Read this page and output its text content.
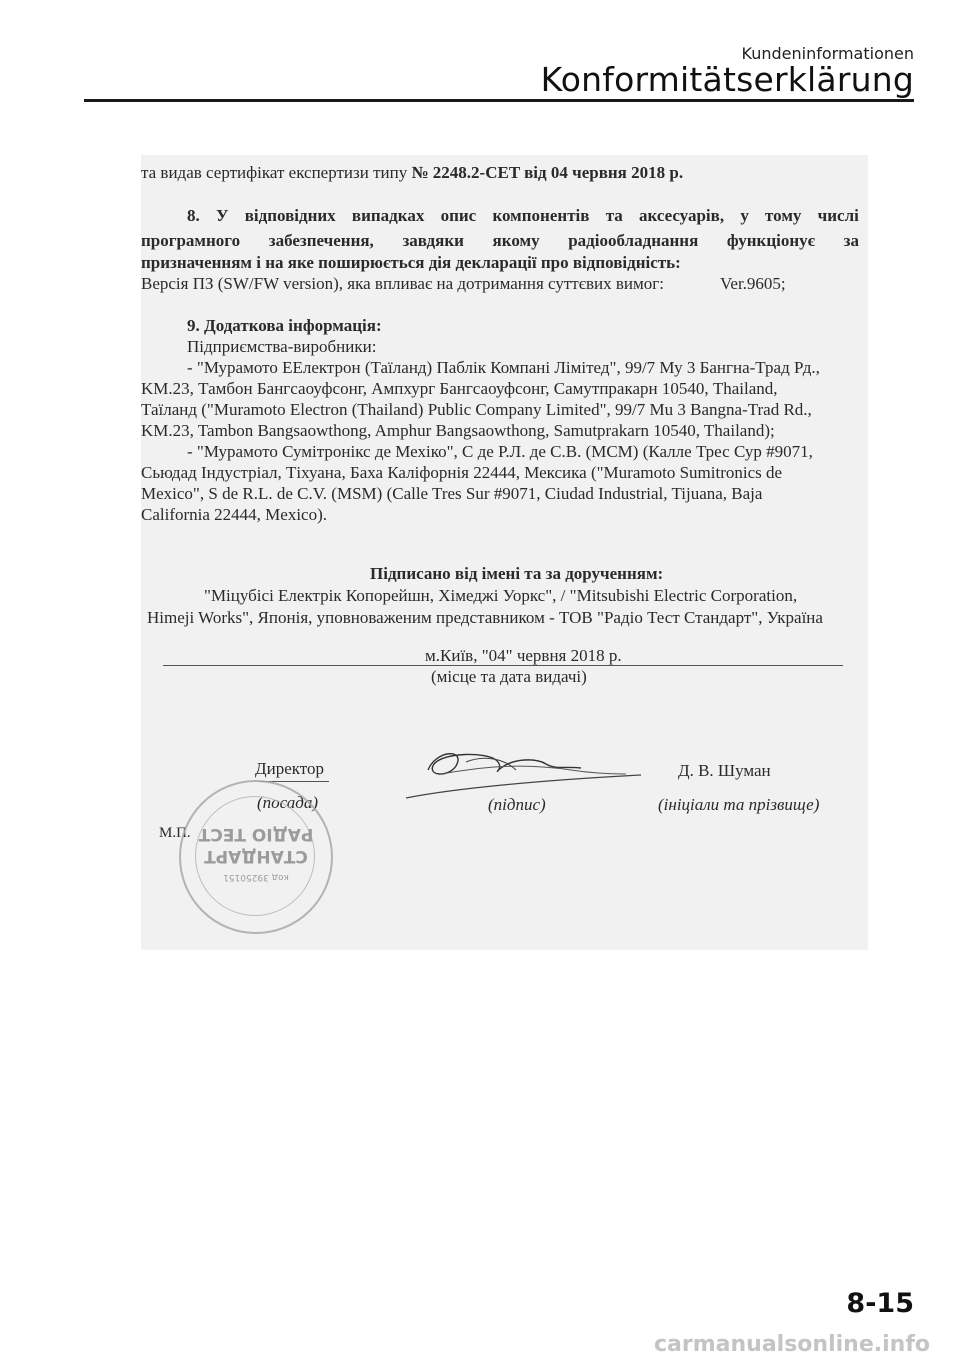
Kundeninformationen
Konformitätserklärung
та видав сертифікат експертизи типу № 2248.2-CET від 04 червня 2018 р.
8. У відповідних випадках опис компонентів та аксесуарів, у тому числі
програмного забезпечення, завдяки якому радіообладнання функціонує за
призначенням і на яке поширюється дія декларації про відповідність:
Версія ПЗ (SW/FW version), яка впливає на дотримання суттєвих вимог:	Ver.9605;
9. Додаткова інформація:
Підприємства-виробники:
- "Мурамото ЕЕлектрон (Таїланд) Паблік Компані Лімітед", 99/7 Му 3 Бангна-Трад Рд.,
KM.23, Тамбон Бангсаоуфсонг, Ампхург Бангсаоуфсонг, Самутпракарн 10540, Thailand,
Таїланд ("Muramoto Electron (Thailand) Public Company Limited", 99/7 Mu 3 Bangna-Trad Rd.,
KM.23, Tambon Bangsaowthong, Amphur Bangsaowthong, Samutprakarn 10540, Thailand);
- "Мурамото Сумітронікс де Мехіко", С де Р.Л. де С.В. (MCM) (Калле Трес Сур #9071,
Сьюдад Індустріал, Тіхуана, Баха Каліфорнія 22444, Мексика ("Muramoto Sumitronics de
Mexico", S de R.L. de C.V. (MSM) (Calle Tres Sur #9071, Ciudad Industrial, Tijuana, Baja
California 22444, Mexico).
Підписано від імені та за дорученням:
"Міцубісі Електрік Копорейшн, Хімеджі Уоркс", / "Mitsubishi Electric Corporation,
Himeji Works", Японія, уповноваженим представником - ТОВ "Радіо Тест Стандарт", Україна
м.Київ, "04" червня 2018 р.
(місце та дата видачі)
Директор
(посада)	(підпис)
Д. В. Шуман
(ініціали та прізвище)
М.П. РАДІО ТЕСТ
СТАНДАРТ
код 39250151
8-15
carmanualsonline.info
